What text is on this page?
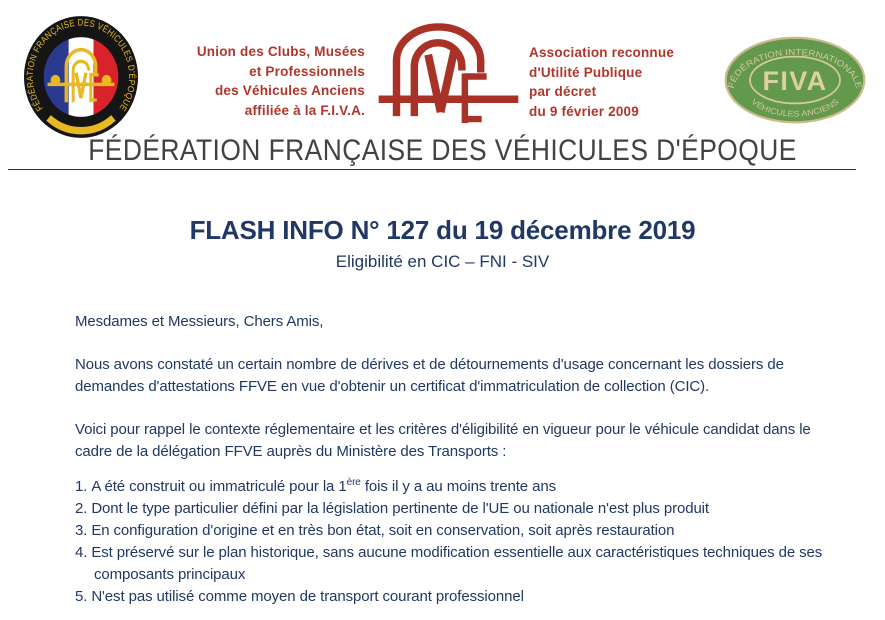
FÉDÉRATION FRANÇAISE DES VÉHICULES D'ÉPOQUE
Union des Clubs, Musées
et Professionnels
des Véhicules Anciens
affiliée à la F.I.V.A.
Association reconnue
d'Utilité Publique
par décret
du 9 février 2009
FÉDÉRATION INTERNATIONALE
FIVA
VÉHICULES ANCIENS
FÉDÉRATION FRANÇAISE DES VÉHICULES D'ÉPOQUE
FLASH INFO N° 127 du 19 décembre 2019
Eligibilité en CIC – FNI - SIV

Mesdames et Messieurs, Chers Amis,

Nous avons constaté un certain nombre de dérives et de détournements d'usage concernant les dossiers de demandes d'attestations FFVE en vue d'obtenir un certificat d'immatriculation de collection (CIC).

Voici pour rappel le contexte réglementaire et les critères d'éligibilité en vigueur pour le véhicule candidat dans le cadre de la délégation FFVE auprès du Ministère des Transports :

1. A été construit ou immatriculé pour la 1ère fois il y a au moins trente ans
2. Dont le type particulier défini par la législation pertinente de l'UE ou nationale n'est plus produit
3. En configuration d'origine et en très bon état, soit en conservation, soit après restauration
4. Est préservé sur le plan historique, sans aucune modification essentielle aux caractéristiques techniques de ses composants principaux
5. N'est pas utilisé comme moyen de transport courant professionnel
